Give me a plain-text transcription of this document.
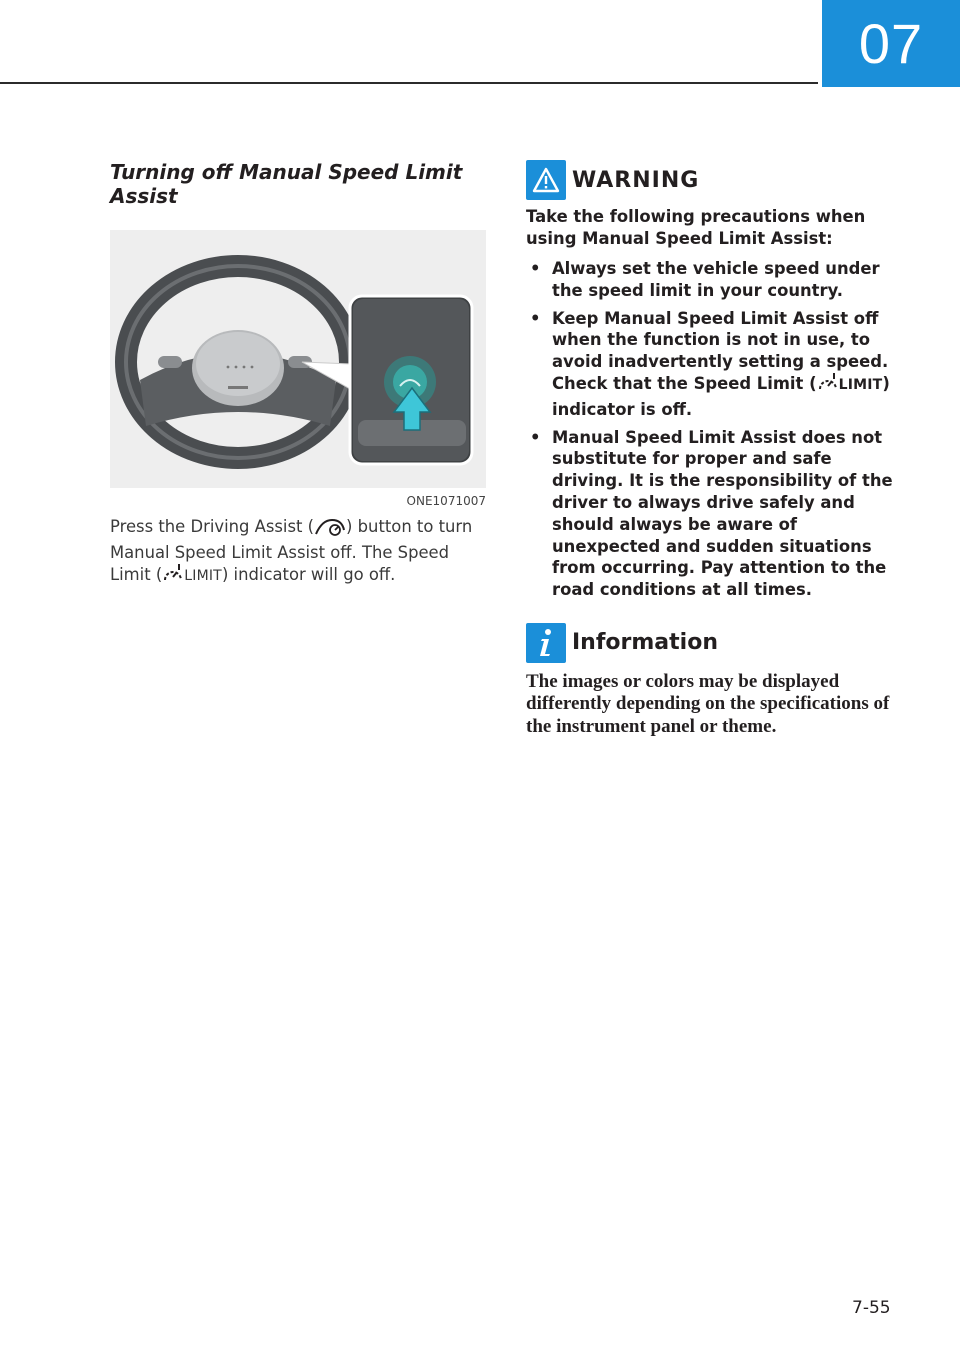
07
Turning off Manual Speed Limit Assist
ONE1071007
Press the Driving Assist ( ) button to turn Manual Speed Limit Assist off. The Speed Limit ( LIMIT) indicator will go off.
WARNING
Take the following precautions when using Manual Speed Limit Assist:
• Always set the vehicle speed under the speed limit in your country.
• Keep Manual Speed Limit Assist off when the function is not in use, to avoid inadvertently setting a speed. Check that the Speed Limit ( LIMIT) indicator is off.
• Manual Speed Limit Assist does not substitute for proper and safe driving. It is the responsibility of the driver to always drive safely and should always be aware of unexpected and sudden situations from occurring. Pay attention to the road conditions at all times.
Information
The images or colors may be displayed differently depending on the specifications of the instrument panel or theme.
7-55
